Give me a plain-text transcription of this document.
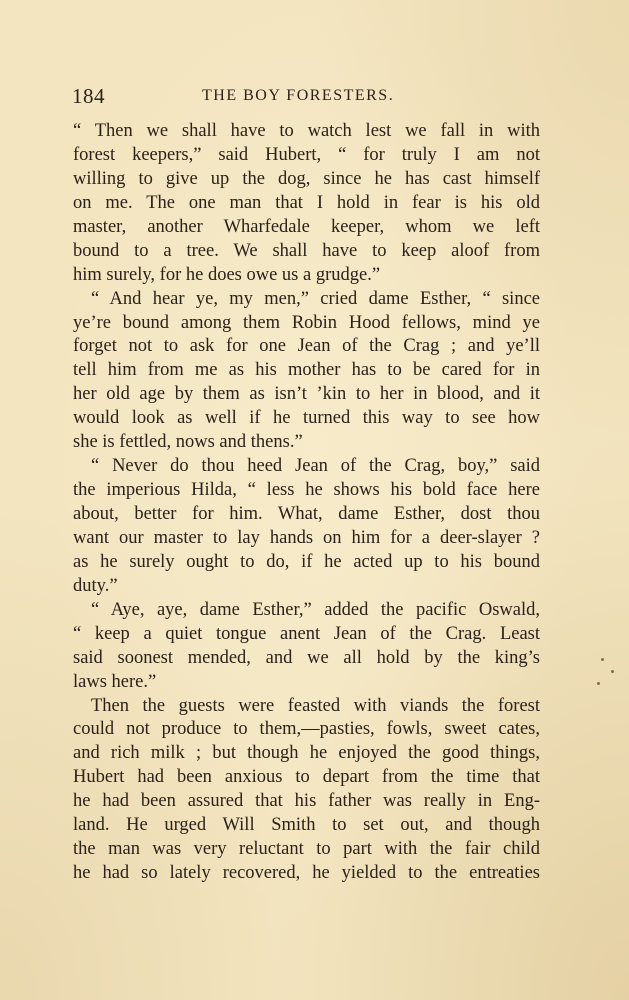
184	THE BOY FORESTERS.
“ Then we shall have to watch lest we fall in with
forest keepers,” said Hubert, “ for truly I am not
willing to give up the dog, since he has cast himself
on me. The one man that I hold in fear is his old
master, another Wharfedale keeper, whom we left
bound to a tree. We shall have to keep aloof from
him surely, for he does owe us a grudge.”
“ And hear ye, my men,” cried dame Esther, “ since
ye’re bound among them Robin Hood fellows, mind ye
forget not to ask for one Jean of the Crag ; and ye’ll
tell him from me as his mother has to be cared for in
her old age by them as isn’t ’kin to her in blood, and it
would look as well if he turned this way to see how
she is fettled, nows and thens.”
“ Never do thou heed Jean of the Crag, boy,” said
the imperious Hilda, “ less he shows his bold face here
about, better for him. What, dame Esther, dost thou
want our master to lay hands on him for a deer-slayer ?
as he surely ought to do, if he acted up to his bound
duty.”
“ Aye, aye, dame Esther,” added the pacific Oswald,
“ keep a quiet tongue anent Jean of the Crag. Least
said soonest mended, and we all hold by the king’s
laws here.”
Then the guests were feasted with viands the forest
could not produce to them,—pasties, fowls, sweet cates,
and rich milk ; but though he enjoyed the good things,
Hubert had been anxious to depart from the time that
he had been assured that his father was really in Eng-
land. He urged Will Smith to set out, and though
the man was very reluctant to part with the fair child
he had so lately recovered, he yielded to the entreaties
